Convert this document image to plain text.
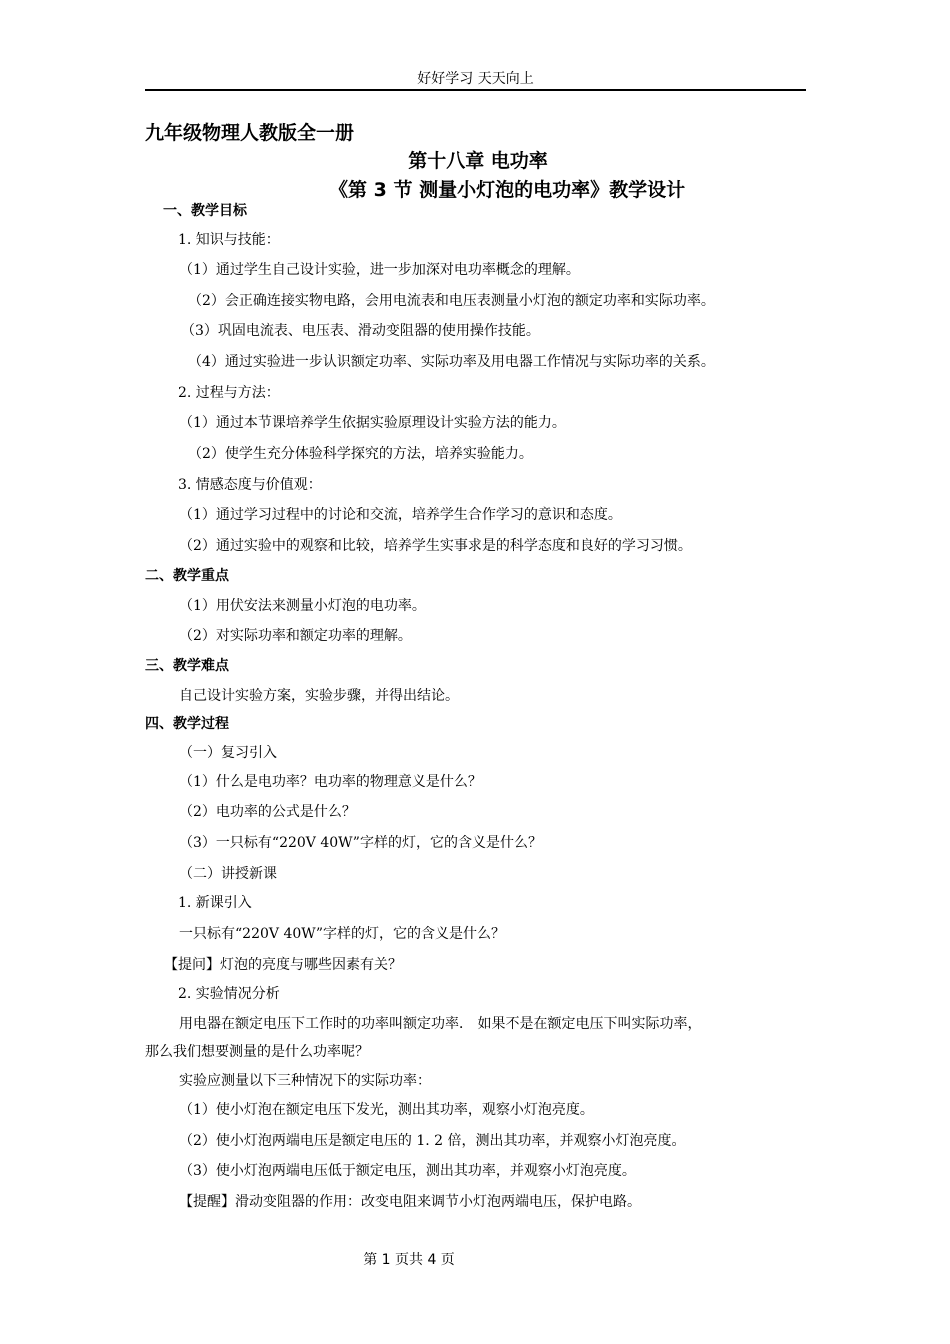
好好学习 天天向上
九年级物理人教版全一册
第十八章 电功率
《第 3 节 测量小灯泡的电功率》教学设计
一、教学目标
1. 知识与技能：
（1）通过学生自己设计实验，进一步加深对电功率概念的理解。
（2）会正确连接实物电路，会用电流表和电压表测量小灯泡的额定功率和实际功率。
（3）巩固电流表、电压表、滑动变阻器的使用操作技能。
（4）通过实验进一步认识额定功率、实际功率及用电器工作情况与实际功率的关系。
2. 过程与方法：
（1）通过本节课培养学生依据实验原理设计实验方法的能力。
（2）使学生充分体验科学探究的方法，培养实验能力。
3. 情感态度与价值观：
（1）通过学习过程中的讨论和交流，培养学生合作学习的意识和态度。
（2）通过实验中的观察和比较，培养学生实事求是的科学态度和良好的学习习惯。
二、教学重点
（1）用伏安法来测量小灯泡的电功率。
（2）对实际功率和额定功率的理解。
三、教学难点
自己设计实验方案，实验步骤，并得出结论。
四、教学过程
（一）复习引入
（1）什么是电功率？电功率的物理意义是什么？
（2）电功率的公式是什么？
（3）一只标有“220V 40W”字样的灯，它的含义是什么？
（二）讲授新课
1. 新课引入
一只标有“220V 40W”字样的灯，它的含义是什么？
【提问】灯泡的亮度与哪些因素有关？
2. 实验情况分析
用电器在额定电压下工作时的功率叫额定功率． 如果不是在额定电压下叫实际功率，
那么我们想要测量的是什么功率呢？
实验应测量以下三种情况下的实际功率：
（1）使小灯泡在额定电压下发光，测出其功率，观察小灯泡亮度。
（2）使小灯泡两端电压是额定电压的 1. 2 倍，测出其功率，并观察小灯泡亮度。
（3）使小灯泡两端电压低于额定电压，测出其功率，并观察小灯泡亮度。
【提醒】滑动变阻器的作用：改变电阻来调节小灯泡两端电压，保护电路。
第 1 页共 4 页
